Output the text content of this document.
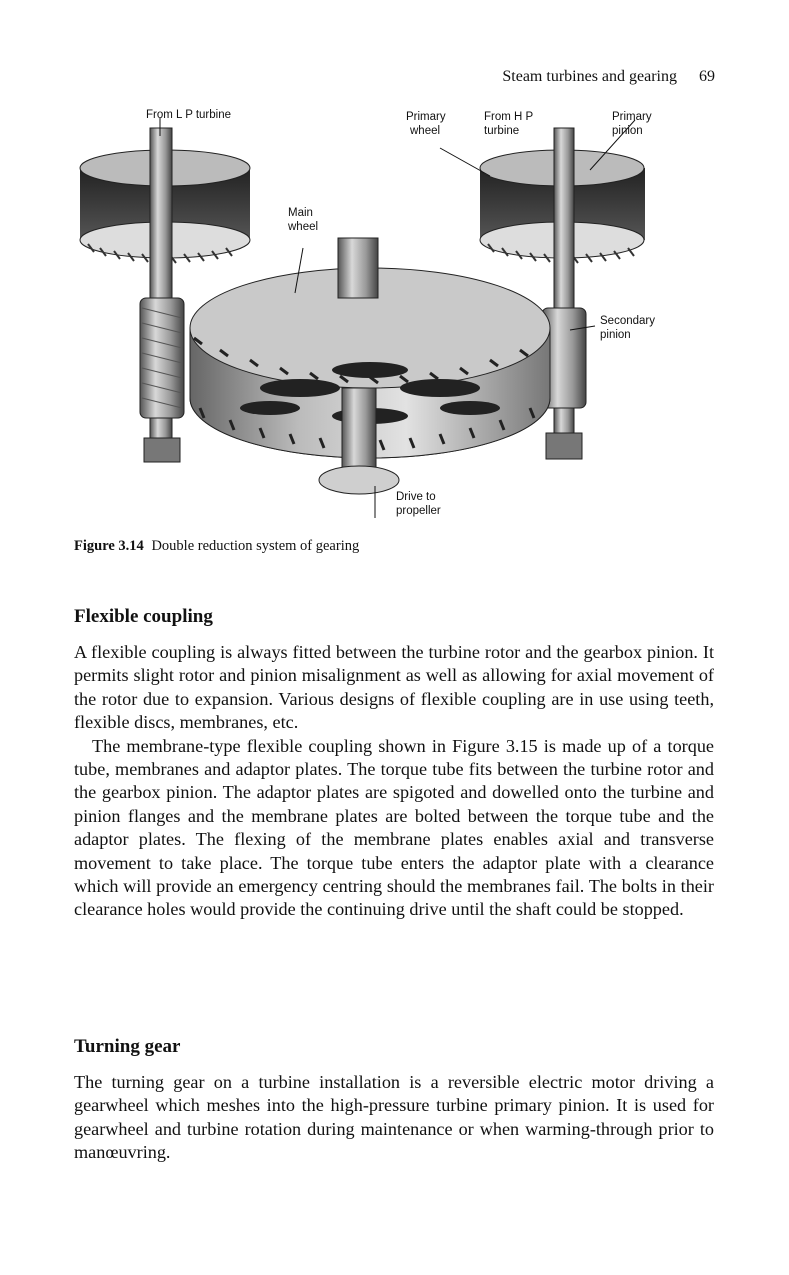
Steam turbines and gearing 69
From L P turbine	Primary
wheel
From H P
turbine
Primary
pinion
Main
wheel
Secondary
pinion
Drive to
propeller
Figure 3.14 Double reduction system of gearing
Flexible coupling

A flexible coupling is always fitted between the turbine rotor and the gearbox pinion. It permits slight rotor and pinion misalignment as well as allowing for axial movement of the rotor due to expansion. Various designs of flexible coupling are in use using teeth, flexible discs, membranes, etc.

The membrane-type flexible coupling shown in Figure 3.15 is made up of a torque tube, membranes and adaptor plates. The torque tube fits between the turbine rotor and the gearbox pinion. The adaptor plates are spigoted and dowelled onto the turbine and pinion flanges and the membrane plates are bolted between the torque tube and the adaptor plates. The flexing of the membrane plates enables axial and transverse movement to take place. The torque tube enters the adaptor plate with a clearance which will provide an emergency centring should the membranes fail. The bolts in their clearance holes would provide the continuing drive until the shaft could be stopped.

Turning gear

The turning gear on a turbine installation is a reversible electric motor driving a gearwheel which meshes into the high-pressure turbine primary pinion. It is used for gearwheel and turbine rotation during maintenance or when warming-through prior to manœuvring.
